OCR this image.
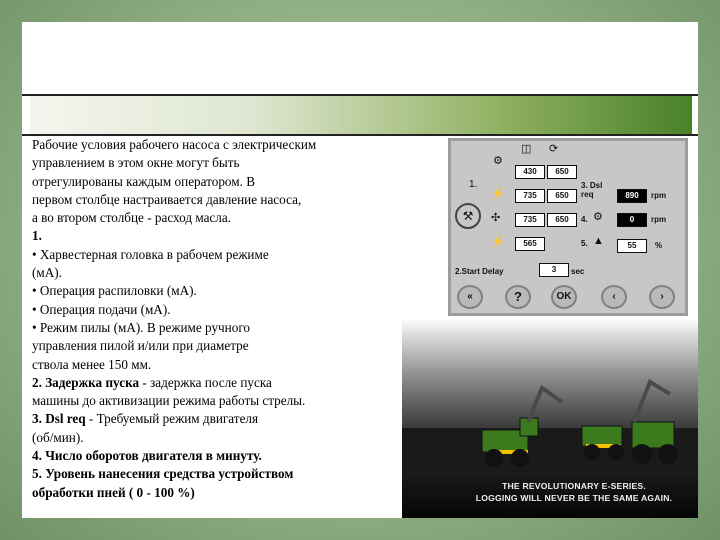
Рабочие условия рабочего насоса с электрическим

управлением в этом окне могут быть

отрегулированы каждым оператором. В

первом столбце настраивается давление насоса,

а во втором столбце - расход масла.

1.

• Харвестерная головка в рабочем режиме

(мА).

• Операция распиловки (мА).

• Операция подачи (мА).

• Режим пилы (мА). В режиме ручного

управления пилой и/или при диаметре

ствола менее 150 мм.

2. Задержка пуска - задержка после пуска

машины до активизации режима работы стрелы.

3. Dsl req - Требуемый режим двигателя

(об/мин).

4. Число оборотов двигателя в минуту.

5. Уровень нанесения средства устройством

обработки пней ( 0 - 100 %)	THE REVOLUTIONARY E-SERIES.
LOGGING WILL NEVER BE THE SAME AGAIN.
1.
⚒
⚙
◫ ⟳
430	650
⚡	735	650
✣	735	650
⚡	565
3. Dsl req	890	rpm
4. ⚙	0	rpm
5. ▲	55	%
2.Start Delay	3	sec
«	?	OK	‹	›
